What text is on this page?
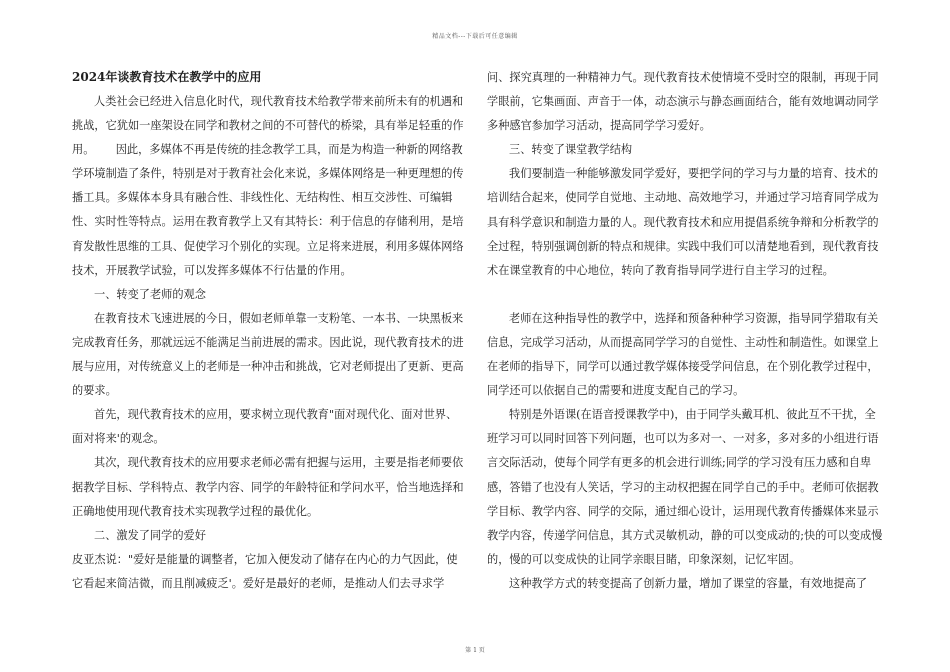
精品文档---下载后可任意编辑

2024年谈教育技术在教学中的应用

人类社会已经进入信息化时代，现代教育技术给教学带来前所未有的机遇和挑战，它犹如一座架设在同学和教材之间的不可替代的桥梁，具有举足轻重的作用。      因此，多媒体不再是传统的挂念教学工具，而是为构造一种新的网络教学环境制造了条件，特别是对于教育社会化来说，多媒体网络是一种更理想的传播工具。多媒体本身具有融合性、非线性化、无结构性、相互交涉性、可编辑性、实时性等特点。运用在教育教学上又有其特长：利于信息的存储利用，是培育发散性思维的工具、促使学习个别化的实现。立足将来进展，利用多媒体网络技术，开展教学试验，可以发挥多媒体不行估量的作用。

一、转变了老师的观念

在教育技术飞速进展的今日，假如老师单靠一支粉笔、一本书、一块黑板来完成教育任务，那就远远不能满足当前进展的需求。因此说，现代教育技术的进展与应用，对传统意义上的老师是一种冲击和挑战，它对老师提出了更新、更高的要求。

首先，现代教育技术的应用，要求树立现代教育"面对现代化、面对世界、面对将来'的观念。

其次，现代教育技术的应用要求老师必需有把握与运用，主要是指老师要依据教学目标、学科特点、教学内容、同学的年龄特征和学问水平，恰当地选择和正确地使用现代教育技术实现教学过程的最优化。

二、激发了同学的爱好

皮亚杰说："爱好是能量的调整者，它加入便发动了储存在内心的力气因此，使它看起来简洁微，而且削减疲乏'。爱好是最好的老师，是推动人们去寻求学

问、探究真理的一种精神力气。现代教育技术使情境不受时空的限制，再现于同学眼前，它集画面、声音于一体，动态演示与静态画面结合，能有效地调动同学多种感官参加学习活动，提高同学学习爱好。

三、转变了课堂教学结构

我们要制造一种能够激发同学爱好，要把学问的学习与力量的培育、技术的培训结合起来，使同学自觉地、主动地、高效地学习，并通过学习培育同学成为具有科学意识和制造力量的人。现代教育技术和应用提倡系统争辩和分析教学的全过程，特别强调创新的特点和规律。实践中我们可以清楚地看到，现代教育技术在课堂教育的中心地位，转向了教育指导同学进行自主学习的过程。

老师在这种指导性的教学中，选择和预备种种学习资源，指导同学猎取有关信息，完成学习活动，从而提高同学学习的自觉性、主动性和制造性。如课堂上在老师的指导下，同学可以通过教学媒体接受学问信息，在个别化教学过程中，同学还可以依据自己的需要和进度支配自己的学习。

特别是外语课(在语音授课教学中)，由于同学头戴耳机、彼此互不干扰，全班学习可以同时回答下列问题，也可以为多对一、一对多，多对多的小组进行语言交际活动，使每个同学有更多的机会进行训练;同学的学习没有压力感和自卑感，答错了也没有人笑话，学习的主动权把握在同学自己的手中。老师可依据教学目标、教学内容、同学的交际，通过细心设计，运用现代教育传播媒体来显示教学内容，传递学问信息，其方式灵敏机动，静的可以变成动的;快的可以变成慢的，慢的可以变成快的让同学亲眼目睹，印象深刻，记忆牢固。

这种教学方式的转变提高了创新力量，增加了课堂的容量，有效地提高了

第 1 页
